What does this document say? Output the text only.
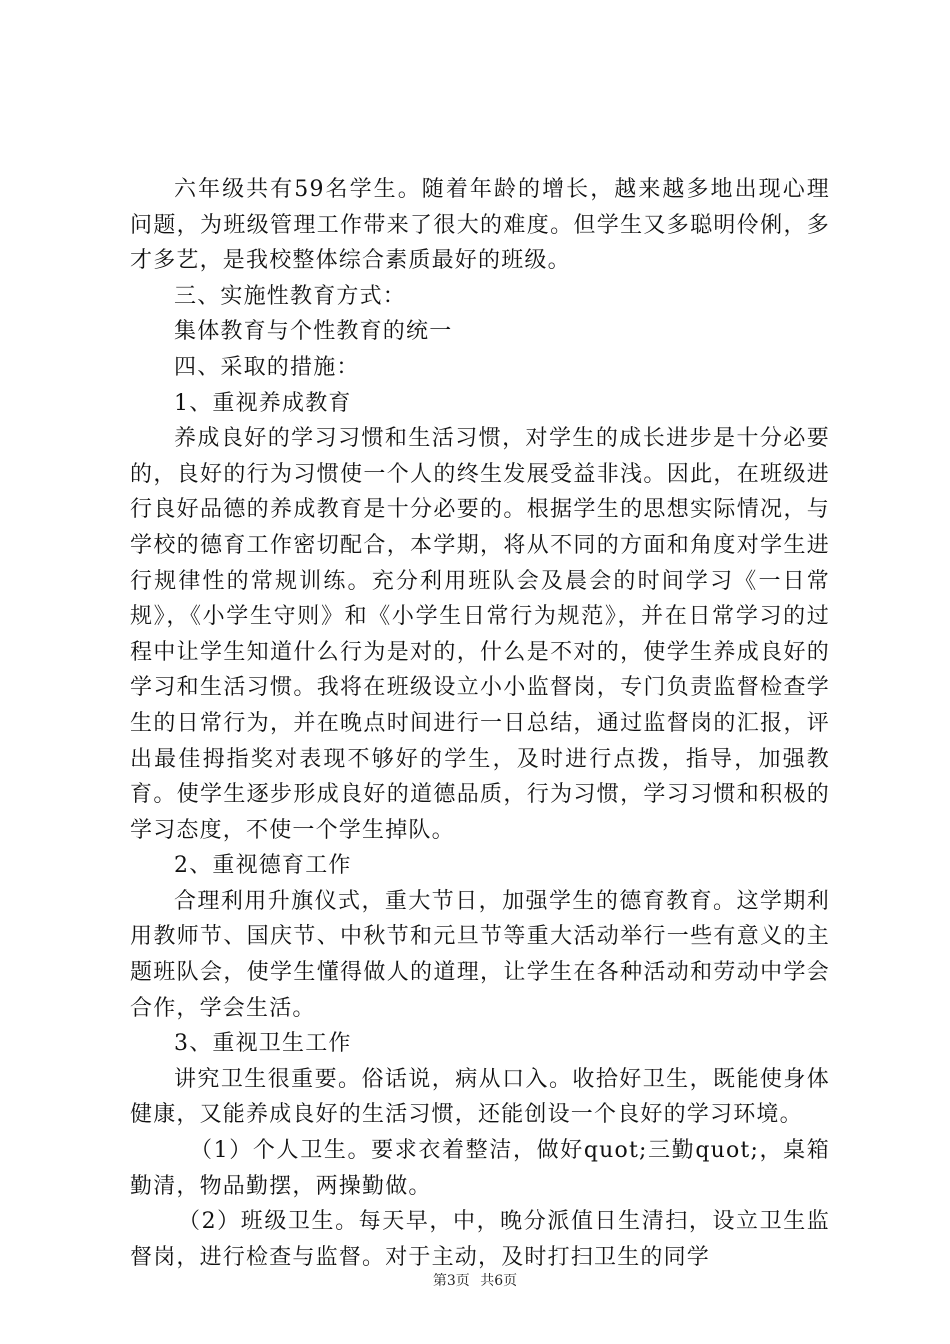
六年级共有59名学生。随着年龄的增长，越来越多地出现心理问题，为班级管理工作带来了很大的难度。但学生又多聪明伶俐，多才多艺，是我校整体综合素质最好的班级。

三、实施性教育方式：

集体教育与个性教育的统一

四、采取的措施：

1、重视养成教育

养成良好的学习习惯和生活习惯，对学生的成长进步是十分必要的，良好的行为习惯使一个人的终生发展受益非浅。因此，在班级进行良好品德的养成教育是十分必要的。根据学生的思想实际情况，与学校的德育工作密切配合，本学期，将从不同的方面和角度对学生进行规律性的常规训练。充分利用班队会及晨会的时间学习《一日常规》，《小学生守则》和《小学生日常行为规范》，并在日常学习的过程中让学生知道什么行为是对的，什么是不对的，使学生养成良好的学习和生活习惯。我将在班级设立小小监督岗，专门负责监督检查学生的日常行为，并在晚点时间进行一日总结，通过监督岗的汇报，评出最佳拇指奖对表现不够好的学生，及时进行点拨，指导，加强教育。使学生逐步形成良好的道德品质，行为习惯，学习习惯和积极的学习态度，不使一个学生掉队。

2、重视德育工作

合理利用升旗仪式，重大节日，加强学生的德育教育。这学期利用教师节、国庆节、中秋节和元旦节等重大活动举行一些有意义的主题班队会，使学生懂得做人的道理，让学生在各种活动和劳动中学会合作，学会生活。

3、重视卫生工作

讲究卫生很重要。俗话说，病从口入。收拾好卫生，既能使身体健康，又能养成良好的生活习惯，还能创设一个良好的学习环境。

（1）个人卫生。要求衣着整洁，做好quot;三勤quot;，桌箱勤清，物品勤摆，两操勤做。

（2）班级卫生。每天早，中，晚分派值日生清扫，设立卫生监督岗，进行检查与监督。对于主动，及时打扫卫生的同学

第3页 共6页
